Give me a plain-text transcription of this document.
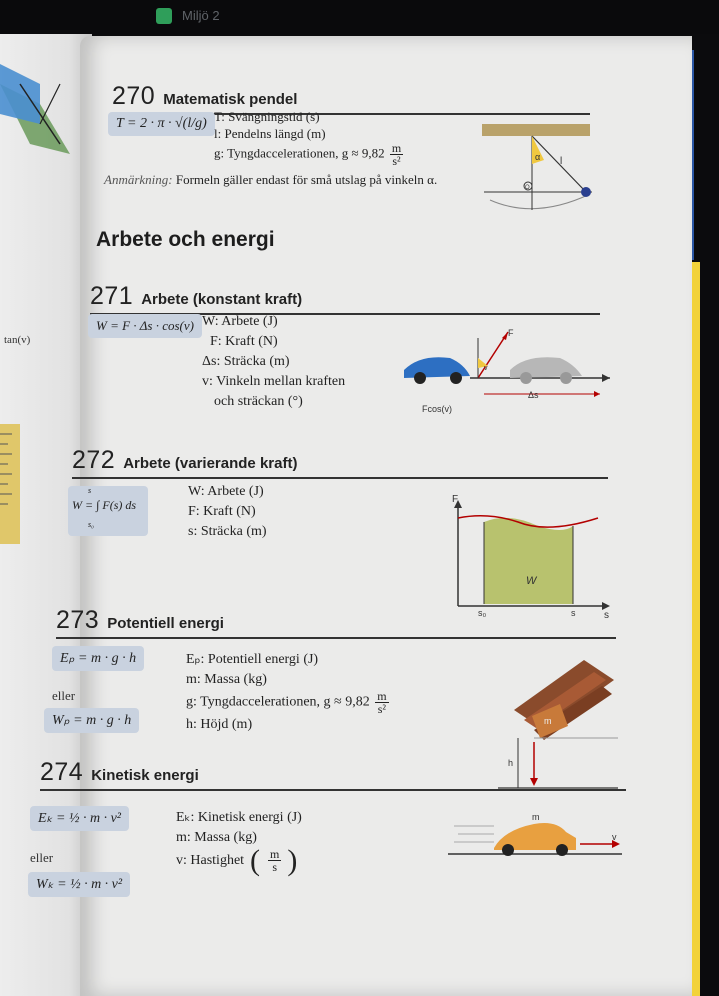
Miljö 2
tan(v)
270 Matematisk pendel
T = 2 · π · √(l/g) T: Svängningstid (s)
l: Pendelns längd (m)
g: Tyngdaccelerationen, $g \approx 9,82 \frac{m}{\text{s²}}$
Anmärkning: Formeln gäller endast för små utslag på vinkeln α.
α l
O
Arbete och energi
271 Arbete (konstant kraft)
W = F · Δs · cos(v) W: Arbete (J)
F: Kraft (N)
Δs: Sträcka (m)
v: Vinkeln mellan kraften
och sträckan (°)
F
v
Δs
Fcos(v)
272 Arbete (varierande kraft)
s
W = ∫ F(s) ds
s₀
W: Arbete (J)
F: Kraft (N)
s: Sträcka (m)
F
W
s₀	s	s
273 Potentiell energi
Eₚ = m · g · h
eller
Wₚ = m · g · h
Eₚ: Potentiell energi (J)
m: Massa (kg)
g: Tyngdaccelerationen, $g \approx 9,82 \frac{m}{\text{s²}}$
h: Höjd (m)	m
h
274 Kinetisk energi
Eₖ = ½ · m · v²
eller
Wₖ = ½ · m · v²
Eₖ: Kinetisk energi (J)
m: Massa (kg)
v: Hastighet ( $\frac{m}{s}$ )
m
v
